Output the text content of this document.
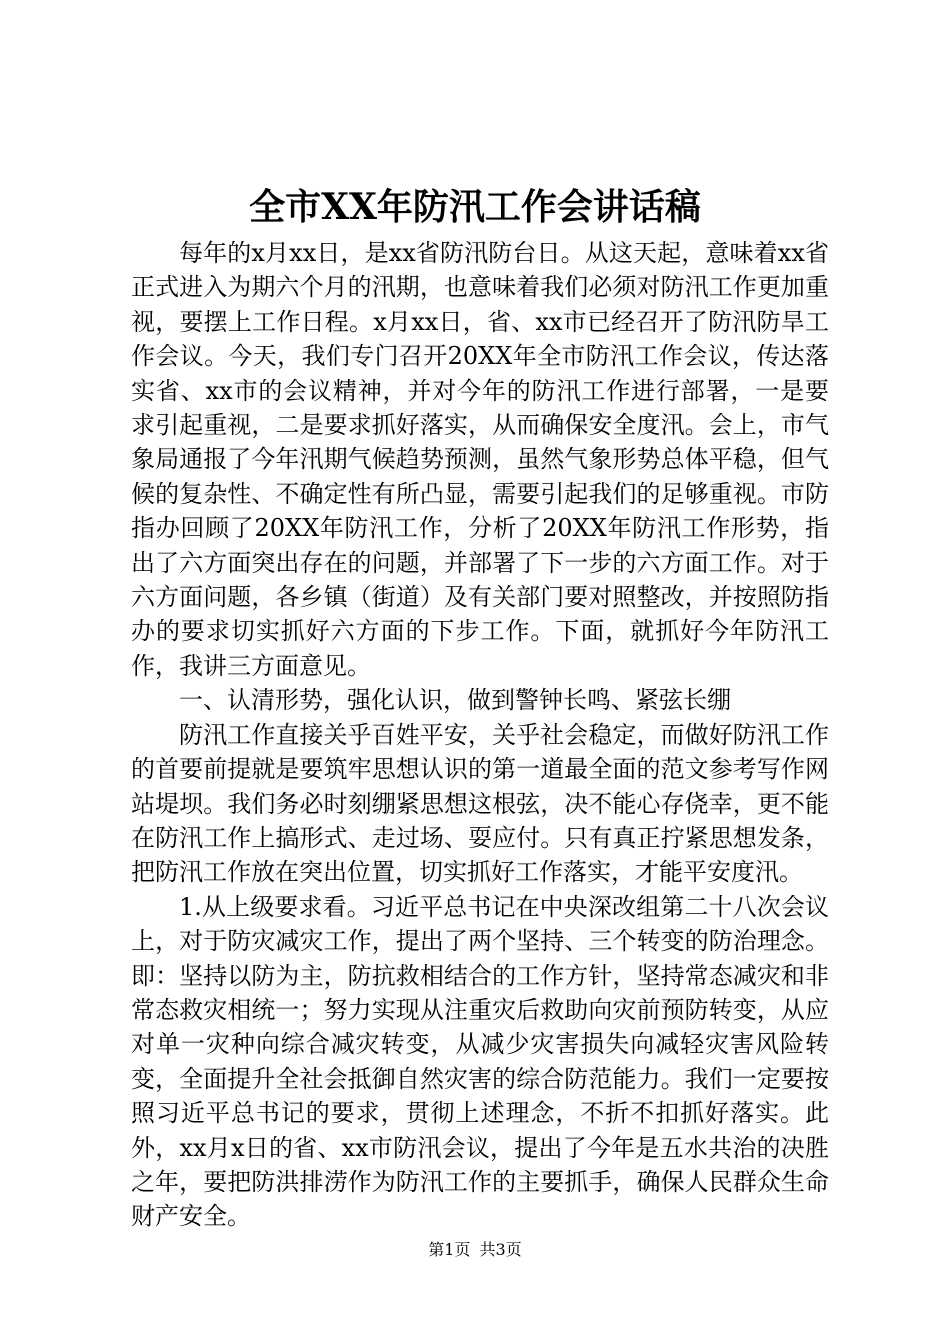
全市XX年防汛工作会讲话稿

每年的x月xx日，是xx省防汛防台日。从这天起，意味着xx省正式进入为期六个月的汛期，也意味着我们必须对防汛工作更加重视，要摆上工作日程。x月xx日，省、xx市已经召开了防汛防旱工作会议。今天，我们专门召开20XX年全市防汛工作会议，传达落实省、xx市的会议精神，并对今年的防汛工作进行部署，一是要求引起重视，二是要求抓好落实，从而确保安全度汛。会上，市气象局通报了今年汛期气候趋势预测，虽然气象形势总体平稳，但气候的复杂性、不确定性有所凸显，需要引起我们的足够重视。市防指办回顾了20XX年防汛工作，分析了20XX年防汛工作形势，指出了六方面突出存在的问题，并部署了下一步的六方面工作。对于六方面问题，各乡镇（街道）及有关部门要对照整改，并按照防指办的要求切实抓好六方面的下步工作。下面，就抓好今年防汛工作，我讲三方面意见。

一、认清形势，强化认识，做到警钟长鸣、紧弦长绷

防汛工作直接关乎百姓平安，关乎社会稳定，而做好防汛工作的首要前提就是要筑牢思想认识的第一道最全面的范文参考写作网站堤坝。我们务必时刻绷紧思想这根弦，决不能心存侥幸，更不能在防汛工作上搞形式、走过场、耍应付。只有真正拧紧思想发条，把防汛工作放在突出位置，切实抓好工作落实，才能平安度汛。

1.从上级要求看。习近平总书记在中央深改组第二十八次会议上，对于防灾减灾工作，提出了两个坚持、三个转变的防治理念。即：坚持以防为主，防抗救相结合的工作方针，坚持常态减灾和非常态救灾相统一；努力实现从注重灾后救助向灾前预防转变，从应对单一灾种向综合减灾转变，从减少灾害损失向减轻灾害风险转变，全面提升全社会抵御自然灾害的综合防范能力。我们一定要按照习近平总书记的要求，贯彻上述理念，不折不扣抓好落实。此外，xx月x日的省、xx市防汛会议，提出了今年是五水共治的决胜之年，要把防洪排涝作为防汛工作的主要抓手，确保人民群众生命财产安全。

第1页 共3页
